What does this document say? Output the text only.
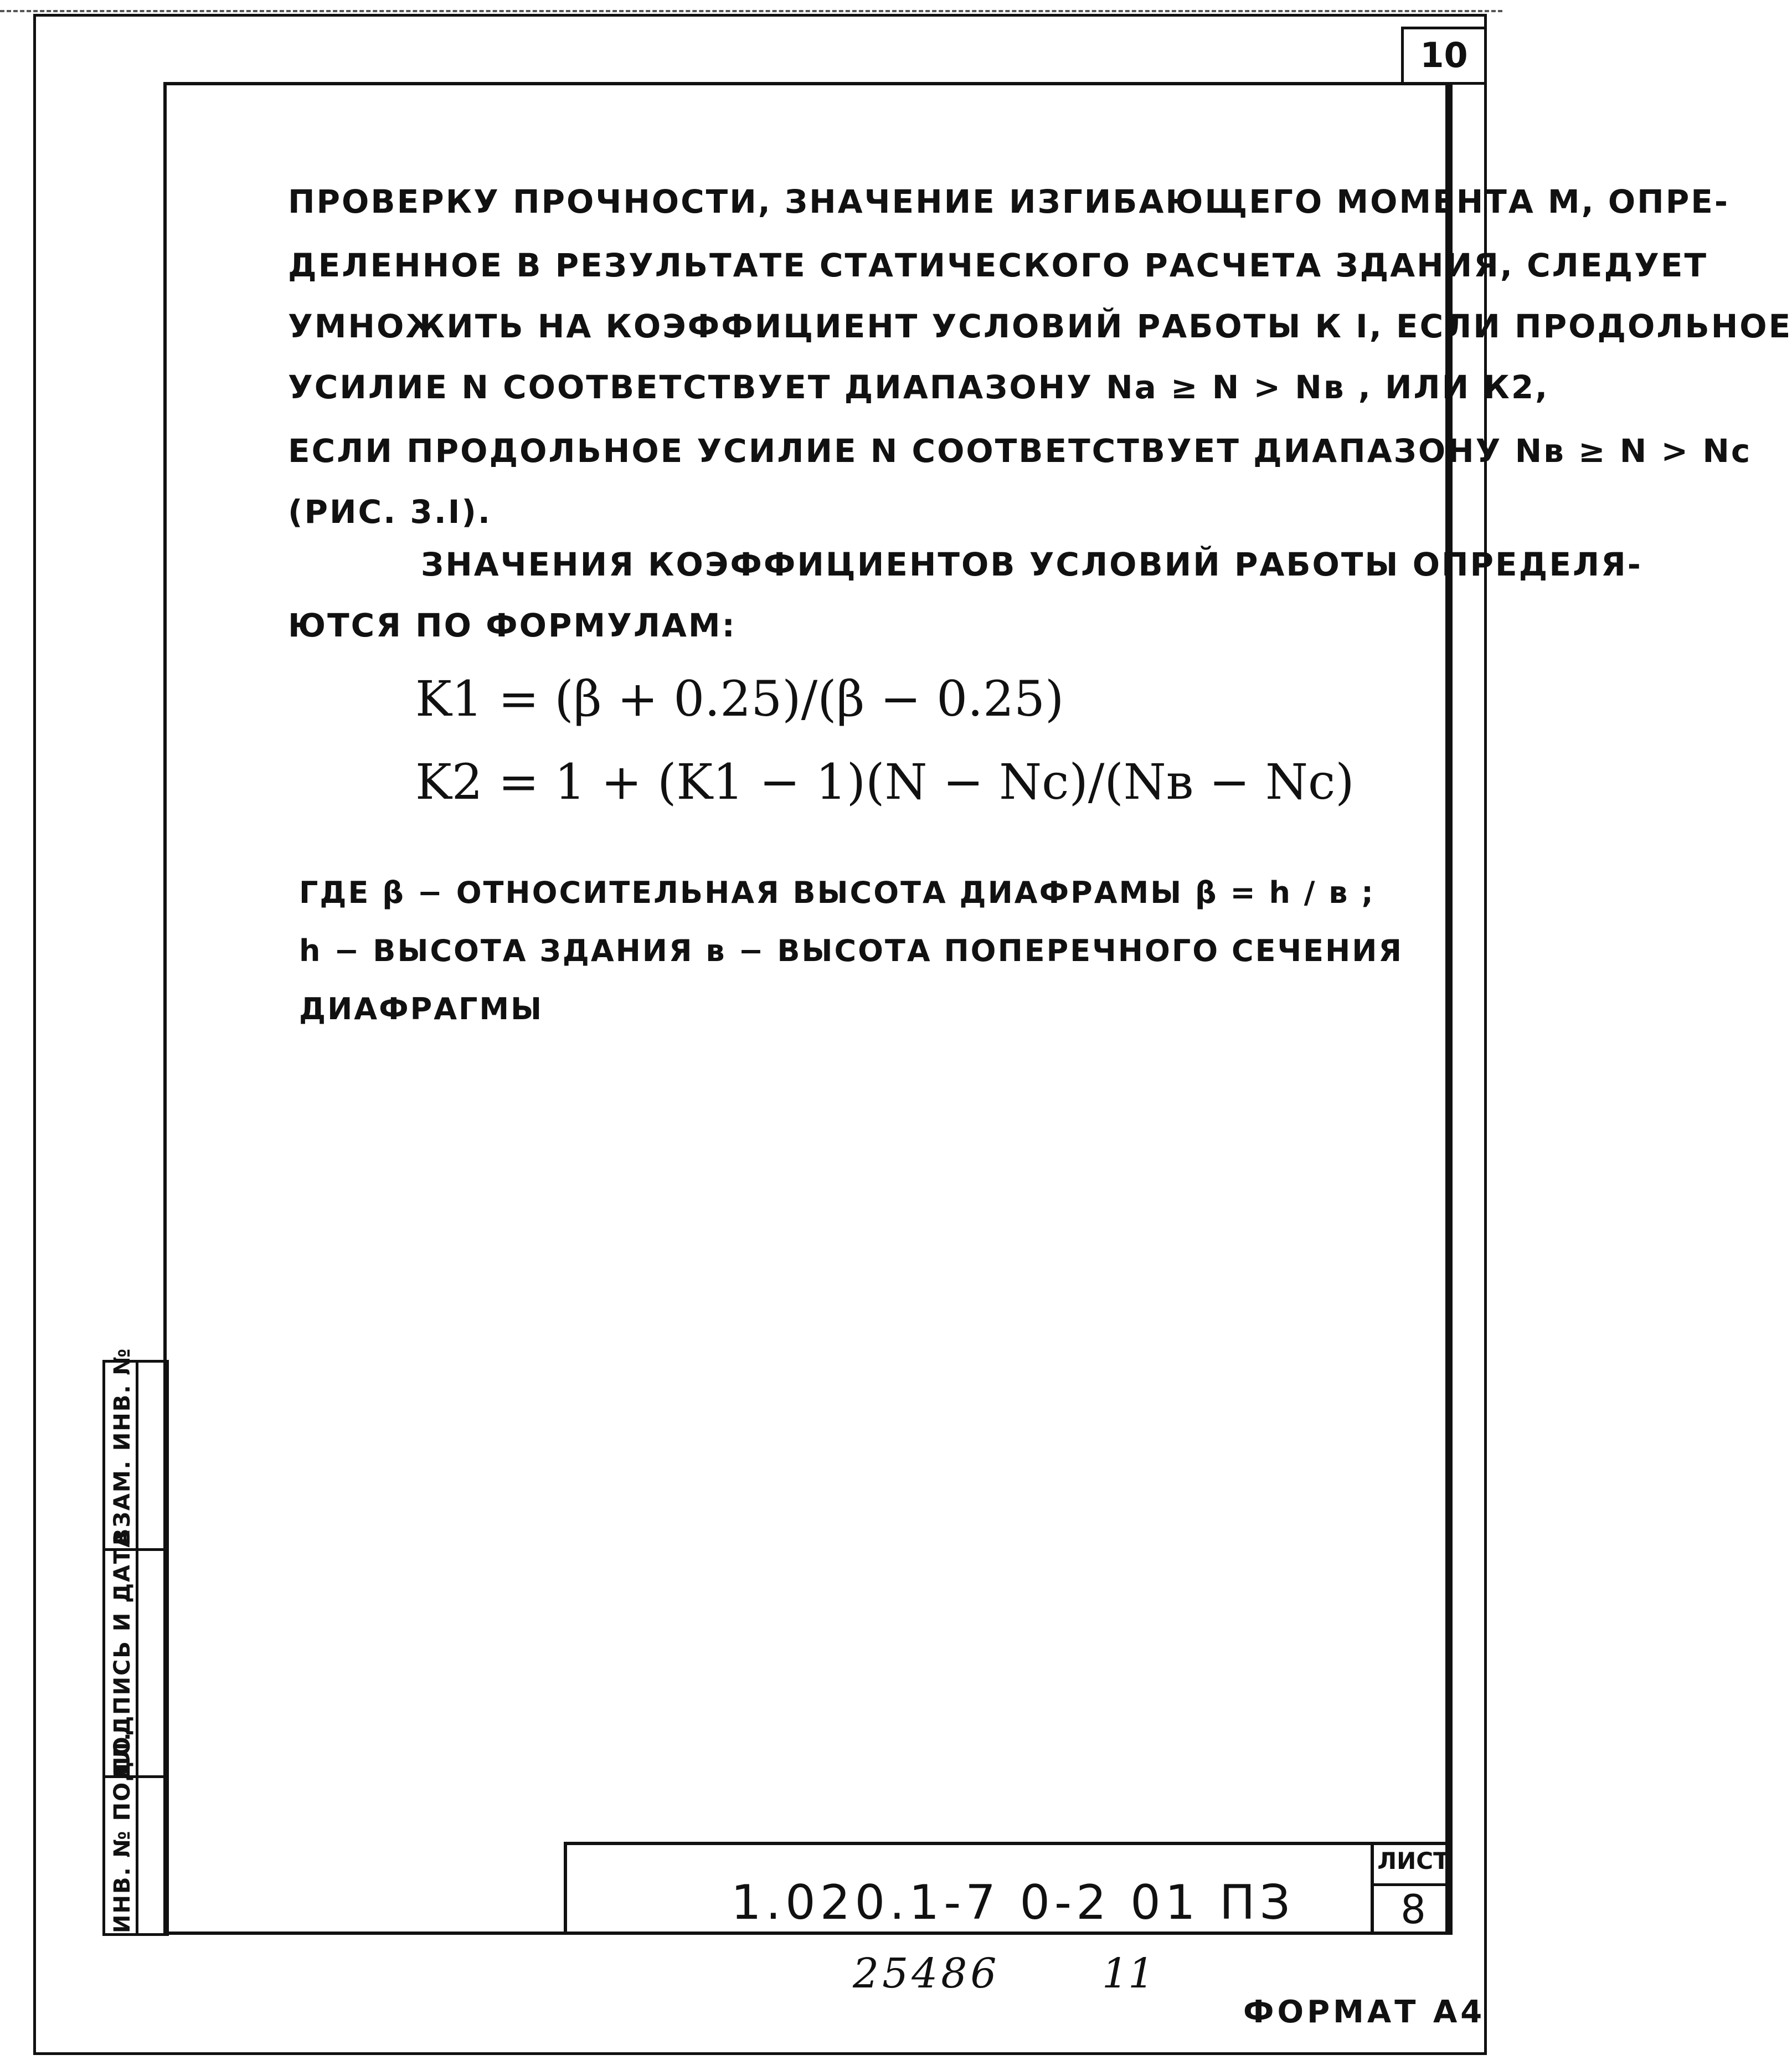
10
ПРОВЕРКУ ПРОЧНОСТИ, ЗНАЧЕНИЕ ИЗГИБАЮЩЕГО МОМЕНТА М, ОПРЕ-
ДЕЛЕННОЕ В РЕЗУЛЬТАТЕ СТАТИЧЕСКОГО РАСЧЕТА ЗДАНИЯ, СЛЕДУЕТ
УМНОЖИТЬ НА КОЭФФИЦИЕНТ УСЛОВИЙ РАБОТЫ К I, ЕСЛИ ПРОДОЛЬНОЕ
УСИЛИЕ N СООТВЕТСТВУЕТ ДИАПАЗОНУ Nа ≥ N > Nв , ИЛИ К2,
ЕСЛИ ПРОДОЛЬНОЕ УСИЛИЕ N СООТВЕТСТВУЕТ ДИАПАЗОНУ Nв ≥ N > Nс
(РИС. 3.I).
ЗНАЧЕНИЯ КОЭФФИЦИЕНТОВ УСЛОВИЙ РАБОТЫ ОПРЕДЕЛЯ-
ЮТСЯ ПО ФОРМУЛАМ:
K1 = (β + 0.25)/(β − 0.25)
K2 = 1 + (K1 − 1)(N − Nс)/(Nв − Nс)
ГДЕ β − ОТНОСИТЕЛЬНАЯ ВЫСОТА ДИАФРАМЫ β = h / в ;
h − ВЫСОТА ЗДАНИЯ в − ВЫСОТА ПОПЕРЕЧНОГО СЕЧЕНИЯ
ДИАФРАГМЫ
ВЗАМ. ИНВ. №
ПОДПИСЬ И ДАТА
ИНВ. № ПОДЛ.	1.020.1-7 0-2 01 ПЗ
ЛИСТ
8
25486 11
ФОРМАТ А4
